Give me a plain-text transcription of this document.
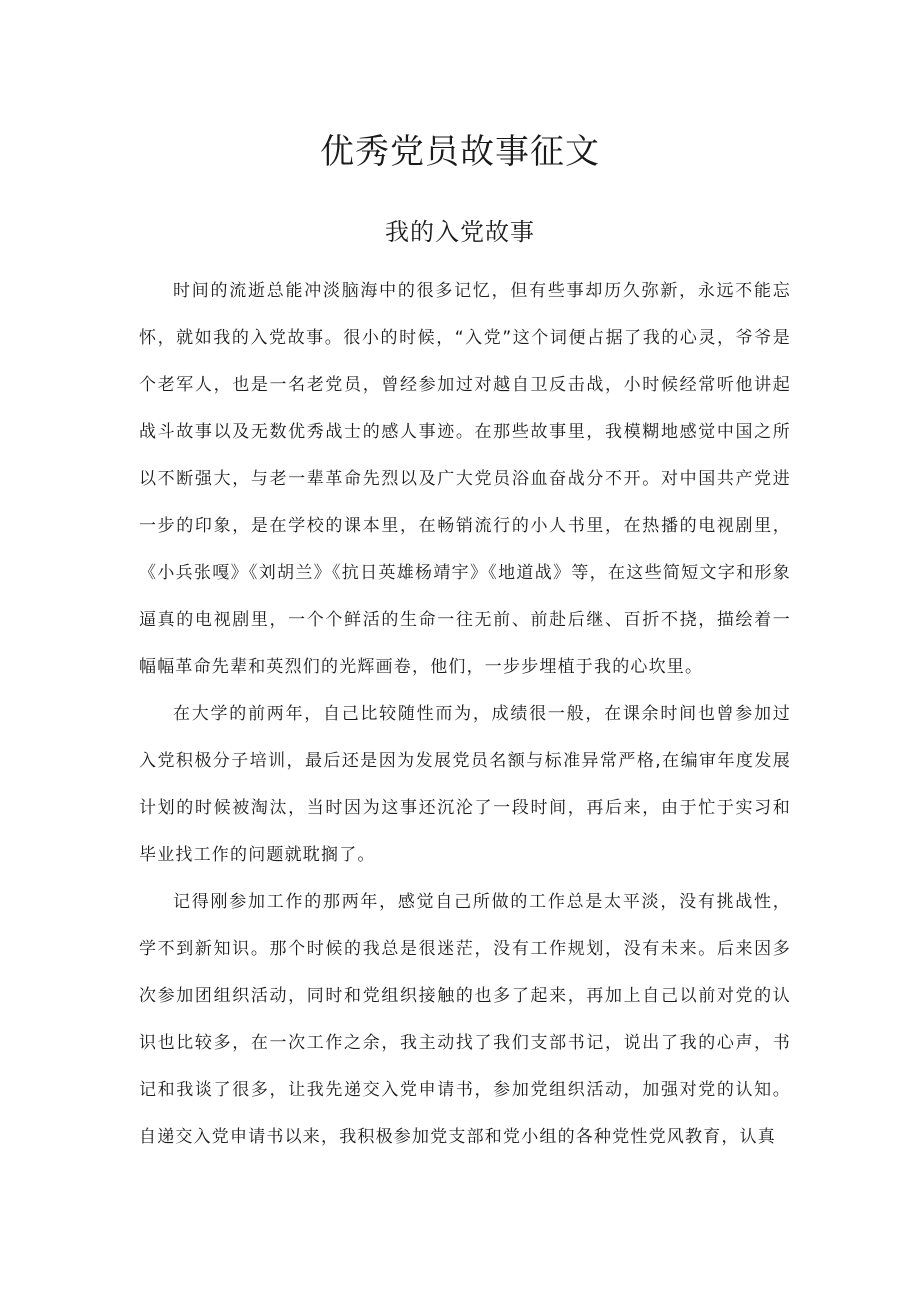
优秀党员故事征文
我的入党故事

时间的流逝总能冲淡脑海中的很多记忆，但有些事却历久弥新，永远不能忘怀，就如我的入党故事。很小的时候，“入党”这个词便占据了我的心灵，爷爷是个老军人，也是一名老党员，曾经参加过对越自卫反击战，小时候经常听他讲起战斗故事以及无数优秀战士的感人事迹。在那些故事里，我模糊地感觉中国之所以不断强大，与老一辈革命先烈以及广大党员浴血奋战分不开。对中国共产党进一步的印象，是在学校的课本里，在畅销流行的小人书里，在热播的电视剧里，《小兵张嘎》《刘胡兰》《抗日英雄杨靖宇》《地道战》等，在这些简短文字和形象逼真的电视剧里，一个个鲜活的生命一往无前、前赴后继、百折不挠，描绘着一幅幅革命先辈和英烈们的光辉画卷，他们，一步步埋植于我的心坎里。

在大学的前两年，自己比较随性而为，成绩很一般，在课余时间也曾参加过入党积极分子培训，最后还是因为发展党员名额与标准异常严格,在编审年度发展计划的时候被淘汰，当时因为这事还沉沦了一段时间，再后来，由于忙于实习和毕业找工作的问题就耽搁了。

记得刚参加工作的那两年，感觉自己所做的工作总是太平淡，没有挑战性，学不到新知识。那个时候的我总是很迷茫，没有工作规划，没有未来。后来因多次参加团组织活动，同时和党组织接触的也多了起来，再加上自己以前对党的认识也比较多，在一次工作之余，我主动找了我们支部书记，说出了我的心声，书记和我谈了很多，让我先递交入党申请书，参加党组织活动，加强对党的认知。自递交入党申请书以来，我积极参加党支部和党小组的各种党性党风教育，认真
